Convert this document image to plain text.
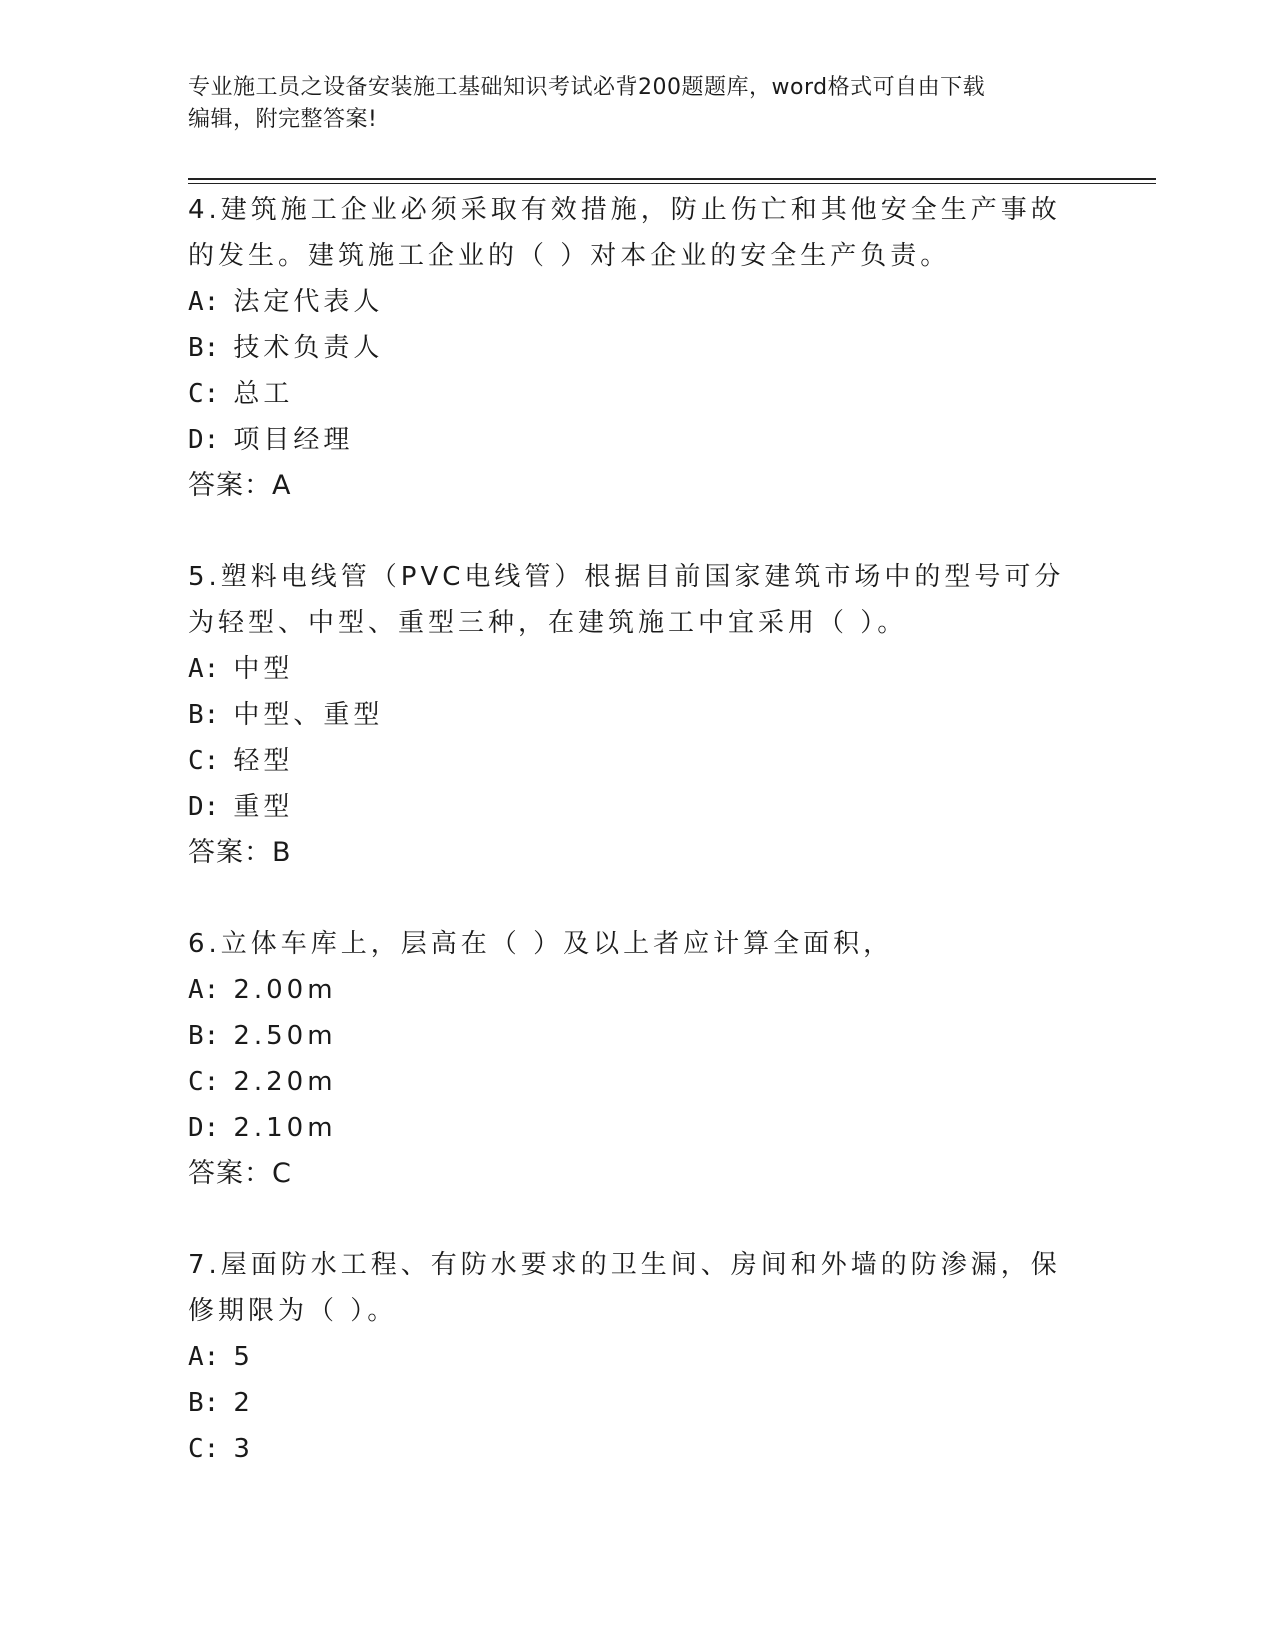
专业施工员之设备安装施工基础知识考试必背200题题库，word格式可自由下载
编辑，附完整答案!

4.建筑施工企业必须采取有效措施，防止伤亡和其他安全生产事故的发生。建筑施工企业的（ ）对本企业的安全生产负责。

A: 法定代表人
B: 技术负责人
C: 总工
D: 项目经理
答案：A

5.塑料电线管（PVC电线管）根据目前国家建筑市场中的型号可分为轻型、中型、重型三种，在建筑施工中宜采用（ ）。

A: 中型
B: 中型、重型
C: 轻型
D: 重型
答案：B

6.立体车库上，层高在（ ）及以上者应计算全面积，

A: 2.00m
B: 2.50m
C: 2.20m
D: 2.10m
答案：C

7.屋面防水工程、有防水要求的卫生间、房间和外墙的防渗漏，保修期限为（ ）。

A: 5
B: 2
C: 3
